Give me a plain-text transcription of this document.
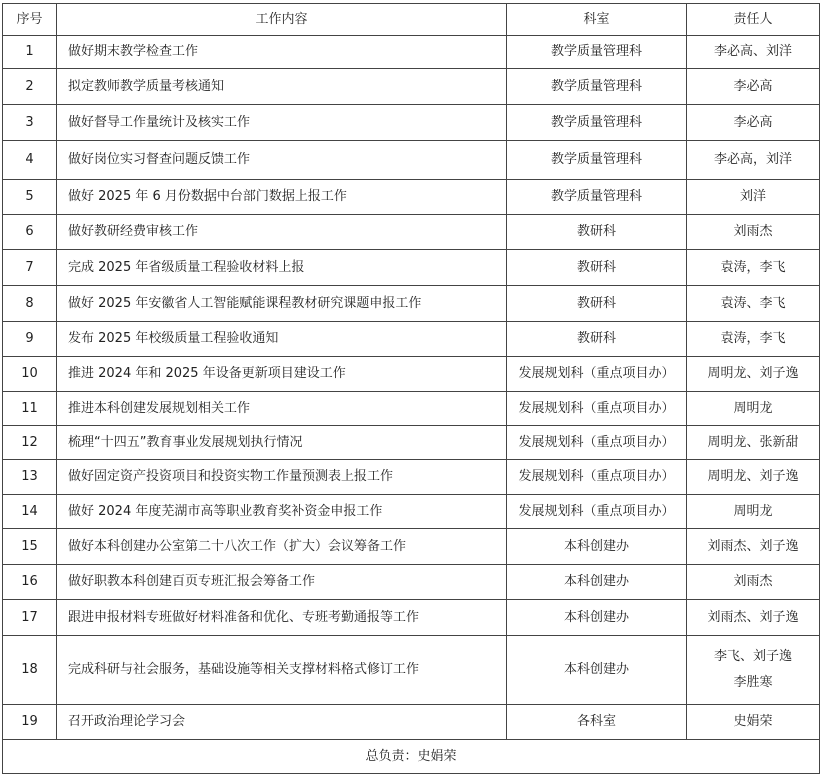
序号	工作内容	科室	责任人
1	做好期末教学检查工作	教学质量管理科	李必高、刘洋

2	拟定教师教学质量考核通知	教学质量管理科	李必高

3	做好督导工作量统计及核实工作	教学质量管理科	李必高

4	做好岗位实习督查问题反馈工作	教学质量管理科	李必高，刘洋

5	做好 2025 年 6 月份数据中台部门数据上报工作	教学质量管理科	刘洋

6	做好教研经费审核工作	教研科	刘雨杰

7	完成 2025 年省级质量工程验收材料上报	教研科	袁涛，李飞

8	做好 2025 年安徽省人工智能赋能课程教材研究课题申报工作	教研科	袁涛、李飞

9	发布 2025 年校级质量工程验收通知	教研科	袁涛，李飞

10	推进 2024 年和 2025 年设备更新项目建设工作	发展规划科（重点项目办）	周明龙、刘子逸

11	推进本科创建发展规划相关工作	发展规划科（重点项目办）	周明龙

12	梳理“十四五”教育事业发展规划执行情况	发展规划科（重点项目办）	周明龙、张新甜

13	做好固定资产投资项目和投资实物工作量预测表上报工作	发展规划科（重点项目办）	周明龙、刘子逸

14	做好 2024 年度芜湖市高等职业教育奖补资金申报工作	发展规划科（重点项目办）	周明龙

15	做好本科创建办公室第二十八次工作（扩大）会议筹备工作	本科创建办	刘雨杰、刘子逸

16	做好职教本科创建百页专班汇报会筹备工作	本科创建办	刘雨杰

17	跟进申报材料专班做好材料准备和优化、专班考勤通报等工作	本科创建办	刘雨杰、刘子逸

18	完成科研与社会服务，基础设施等相关支撑材料格式修订工作	本科创建办	李飞、刘子逸
李胜寒

19	召开政治理论学习会	各科室	史娟荣

总负责：史娟荣			
